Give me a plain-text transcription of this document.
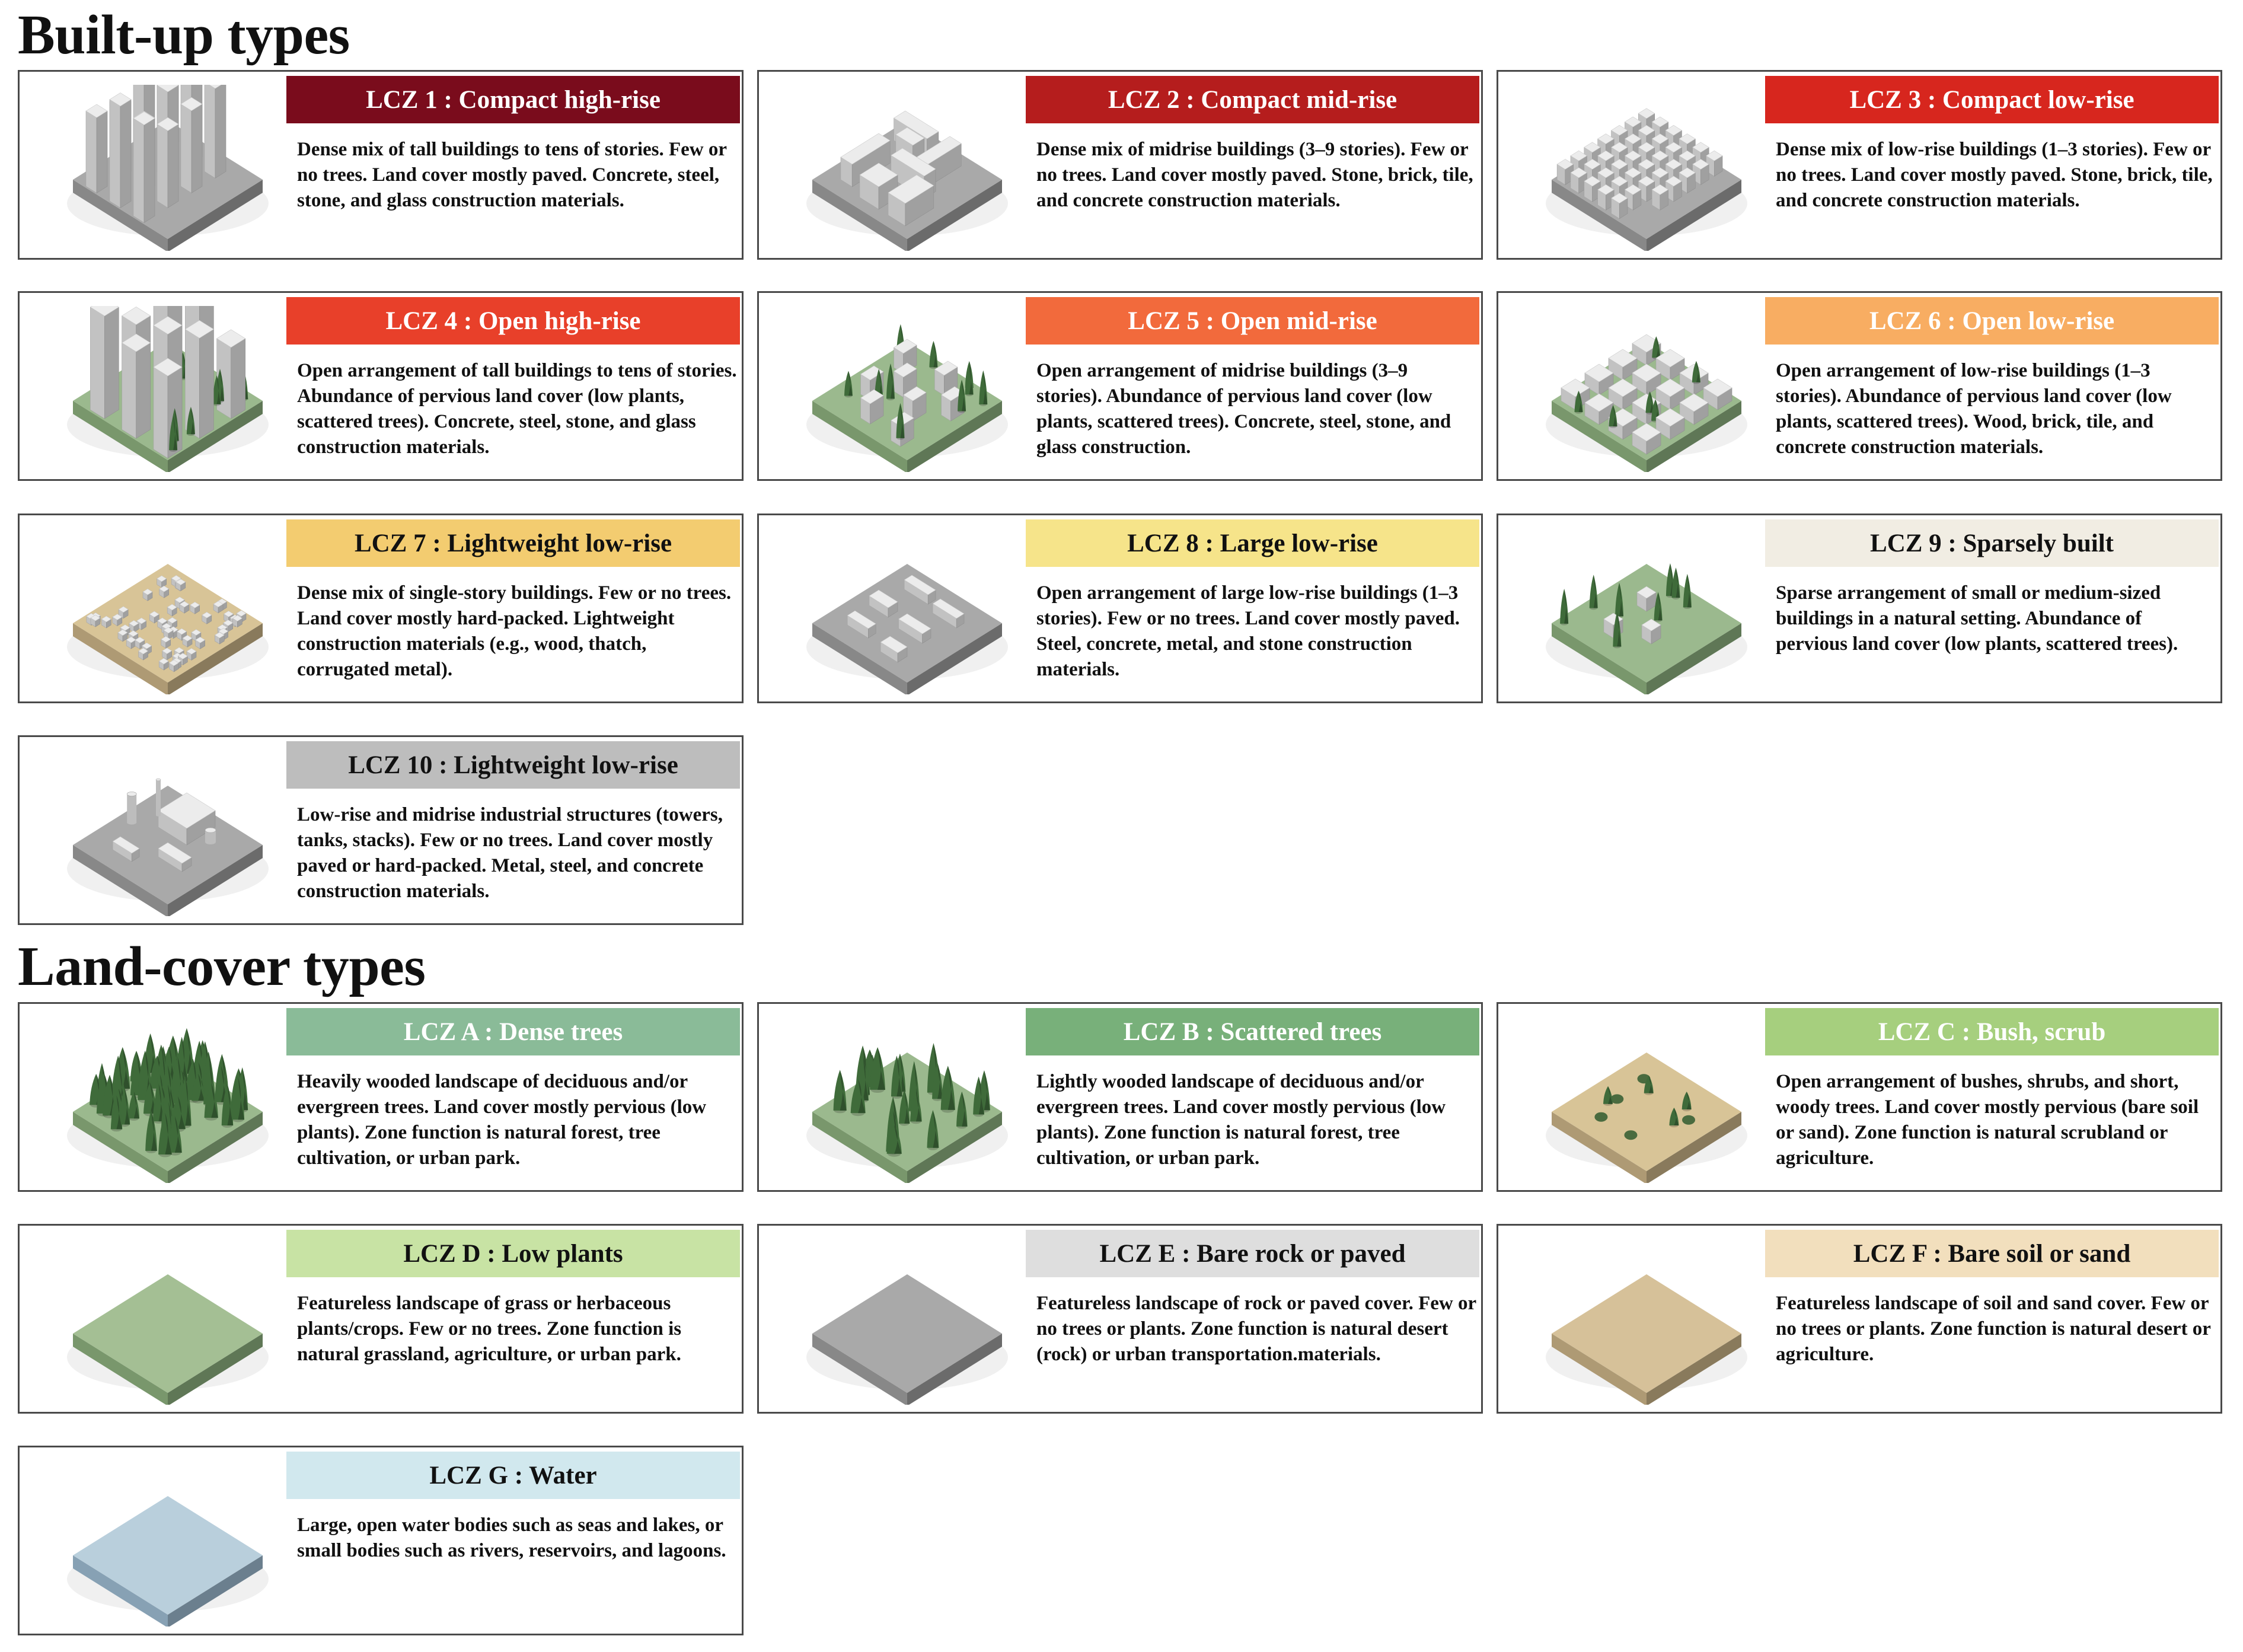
Built-up types
Land-cover types
LCZ 1 : Compact high-rise
Dense mix of tall buildings to tens of stories. Few or no trees. Land cover mostly paved. Concrete, steel, stone, and glass construction materials.
LCZ 2 : Compact mid-rise
Dense mix of midrise buildings (3–9 stories). Few or no trees. Land cover mostly paved. Stone, brick, tile, and concrete construction materials.
LCZ 3 : Compact low-rise
Dense mix of low-rise buildings (1–3 stories). Few or no trees. Land cover mostly paved. Stone, brick, tile, and concrete construction materials.
LCZ 4 : Open high-rise
Open arrangement of tall buildings to tens of stories. Abundance of pervious land cover (low plants, scattered trees). Concrete, steel, stone, and glass construction materials.
LCZ 5 : Open mid-rise
Open arrangement of midrise buildings (3–9 stories). Abundance of pervious land cover (low plants, scattered trees). Concrete, steel, stone, and glass construction.
LCZ 6 : Open low-rise
Open arrangement of low-rise buildings (1–3 stories). Abundance of pervious land cover (low plants, scattered trees). Wood, brick, tile, and concrete construction materials.
LCZ 7 : Lightweight low-rise
Dense mix of single-story buildings. Few or no trees. Land cover mostly hard-packed. Lightweight construction materials (e.g., wood, thatch, corrugated metal).
LCZ 8 : Large low-rise
Open arrangement of large low-rise buildings (1–3 stories). Few or no trees. Land cover mostly paved. Steel, concrete, metal, and stone construction materials.
LCZ 9 : Sparsely built
Sparse arrangement of small or medium-sized buildings in a natural setting. Abundance of pervious land cover (low plants, scattered trees).
LCZ 10 : Lightweight low-rise
Low-rise and midrise industrial structures (towers, tanks, stacks). Few or no trees. Land cover mostly paved or hard-packed. Metal, steel, and concrete construction materials.
LCZ A : Dense trees
Heavily wooded landscape of deciduous and/or evergreen trees. Land cover mostly pervious (low plants). Zone function is natural forest, tree cultivation, or urban park.
LCZ B : Scattered trees
Lightly wooded landscape of deciduous and/or evergreen trees. Land cover mostly pervious (low plants). Zone function is natural forest, tree cultivation, or urban park.
LCZ C : Bush, scrub
Open arrangement of bushes, shrubs, and short, woody trees. Land cover mostly pervious (bare soil or sand). Zone function is natural scrubland or agriculture.
LCZ D : Low plants
Featureless landscape of grass or herbaceous plants/crops. Few or no trees. Zone function is natural grassland, agriculture, or urban park.
LCZ E : Bare rock or paved
Featureless landscape of rock or paved cover. Few or no trees or plants. Zone function is natural desert (rock) or urban transportation.materials.
LCZ F : Bare soil or sand
Featureless landscape of soil and sand cover. Few or no trees or plants. Zone function is natural desert or agriculture.
LCZ G : Water
Large, open water bodies such as seas and lakes, or small bodies such as rivers, reservoirs, and lagoons.
